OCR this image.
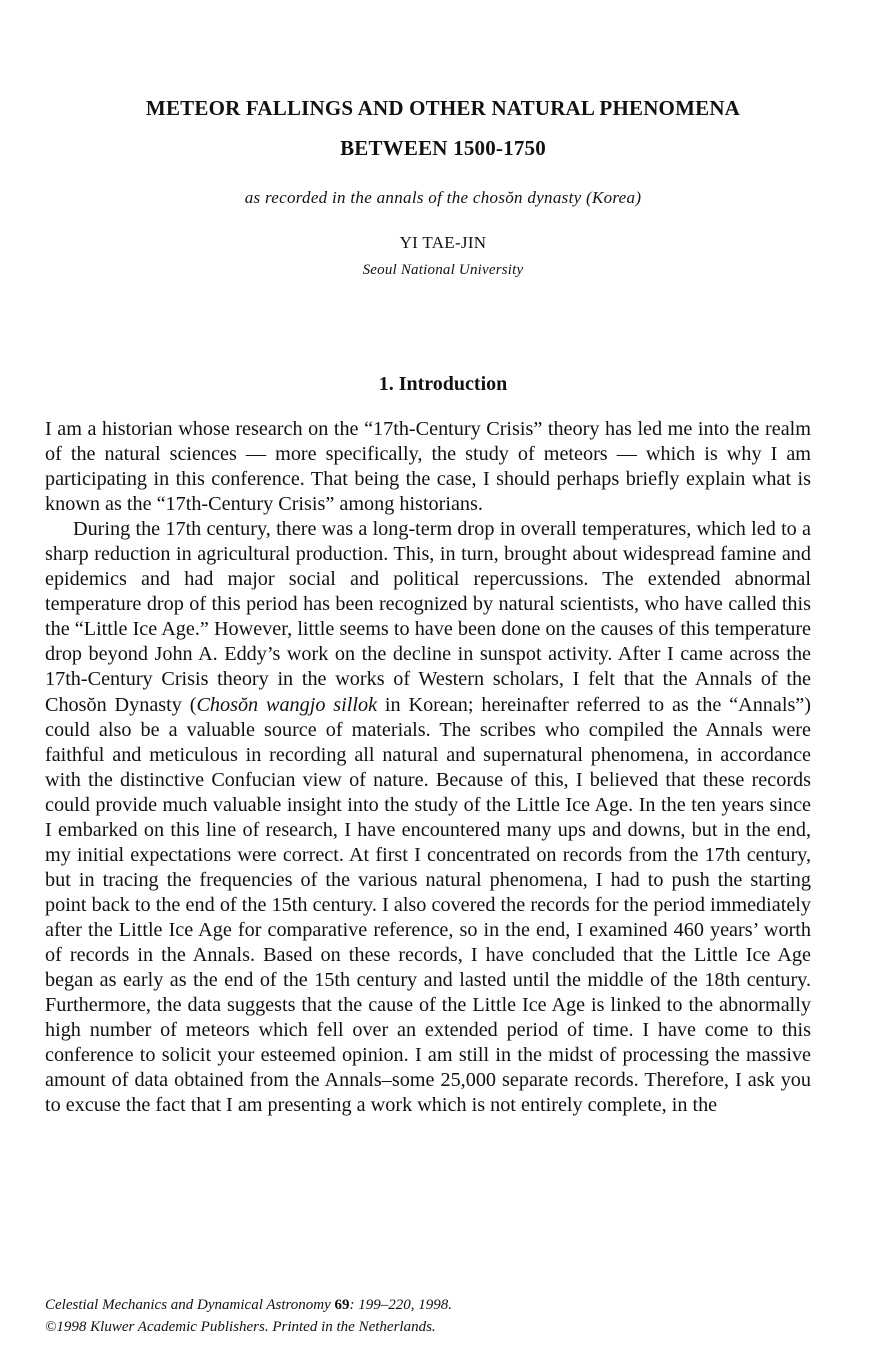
METEOR FALLINGS AND OTHER NATURAL PHENOMENA
BETWEEN 1500-1750
as recorded in the annals of the chosŏn dynasty (Korea)
YI TAE-JIN
Seoul National University
1. Introduction

I am a historian whose research on the “17th-Century Crisis” theory has led me into the realm of the natural sciences — more specifically, the study of meteors — which is why I am participating in this conference. That being the case, I should perhaps briefly explain what is known as the “17th-Century Crisis” among historians.

During the 17th century, there was a long-term drop in overall temperatures, which led to a sharp reduction in agricultural production. This, in turn, brought about widespread famine and epidemics and had major social and political repercussions. The extended abnormal temperature drop of this period has been recognized by natural scientists, who have called this the “Little Ice Age.” However, little seems to have been done on the causes of this temperature drop beyond John A. Eddy’s work on the decline in sunspot activity. After I came across the 17th-Century Crisis theory in the works of Western scholars, I felt that the Annals of the Chosŏn Dynasty (Chosŏn wangjo sillok in Korean; hereinafter referred to as the “Annals”) could also be a valuable source of materials. The scribes who compiled the Annals were faithful and meticulous in recording all natural and supernatural phenomena, in accordance with the distinctive Confucian view of nature. Because of this, I believed that these records could provide much valuable insight into the study of the Little Ice Age. In the ten years since I embarked on this line of research, I have encountered many ups and downs, but in the end, my initial expectations were correct. At first I concentrated on records from the 17th century, but in tracing the frequencies of the various natural phenomena, I had to push the starting point back to the end of the 15th century. I also covered the records for the period immediately after the Little Ice Age for comparative reference, so in the end, I examined 460 years’ worth of records in the Annals. Based on these records, I have concluded that the Little Ice Age began as early as the end of the 15th century and lasted until the middle of the 18th century. Furthermore, the data suggests that the cause of the Little Ice Age is linked to the abnormally high number of meteors which fell over an extended period of time. I have come to this conference to solicit your esteemed opinion. I am still in the midst of processing the massive amount of data obtained from the Annals–some 25,000 separate records. Therefore, I ask you to excuse the fact that I am presenting a work which is not entirely complete, in the

Celestial Mechanics and Dynamical Astronomy 69: 199–220, 1998.
©1998 Kluwer Academic Publishers. Printed in the Netherlands.
